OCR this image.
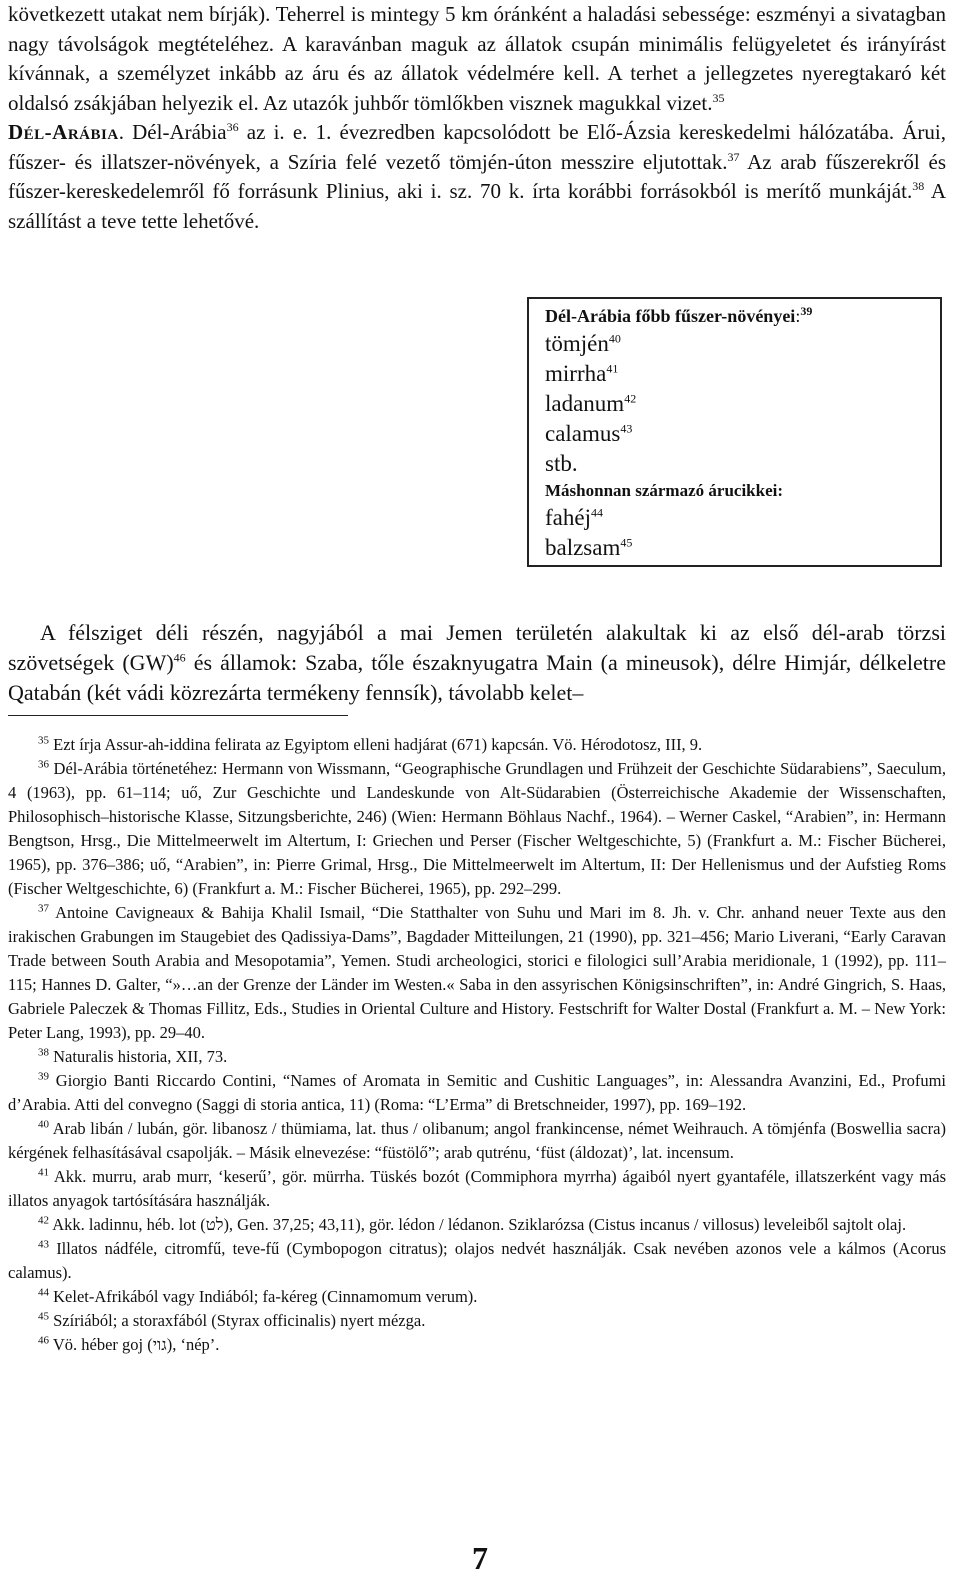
következett utakat nem bírják). Teherrel is mintegy 5 km óránként a haladási sebessége: eszményi a sivatagban nagy távolságok megtételéhez. A karavánban maguk az állatok csupán minimális felügyeletet és irányírást kívánnak, a személyzet inkább az áru és az állatok védelmére kell. A terhet a jellegzetes nyeregtakaró két oldalsó zsákjában helyezik el. Az utazók juhbőr tömlőkben visznek magukkal vizet.$^{35}$

Dél-Arábia. Dél-Arábia$^{36}$ az i. e. 1. évezredben kapcsolódott be Elő-Ázsia kereskedelmi hálózatába. Árui, fűszer- és illatszer-növények, a Szíria felé vezető tömjén-úton messzire eljutottak.$^{37}$ Az arab fűszerekről és fűszer-kereskedelemről fő forrásunk Plinius, aki i. sz. 70 k. írta korábbi forrásokból is merítő munkáját.$^{38}$ A szállítást a teve tette lehetővé.

Dél-Arábia főbb fűszer-növényei:$^{39}$
tömjén$^{40}$
mirrha$^{41}$
ladanum$^{42}$
calamus$^{43}$
stb.
Máshonnan származó árucikkei:
fahéj$^{44}$
balzsam$^{45}$

A félsziget déli részén, nagyjából a mai Jemen területén alakultak ki az első dél-arab törzsi szövetségek (GW)$^{46}$ és államok: Szaba, tőle északnyugatra Main (a mineusok), délre Himjár, délkeletre Qatabán (két vádi közrezárta termékeny fennsík), távolabb kelet–

$^{35}$ Ezt írja Assur-ah-iddina felirata az Egyiptom elleni hadjárat (671) kapcsán. Vö. Hérodotosz, III, 9.

$^{36}$ Dél-Arábia történetéhez: Hermann von Wissmann, “Geographische Grundlagen und Frühzeit der Geschichte Südarabiens”, Saeculum, 4 (1963), pp. 61–114; uő, Zur Geschichte und Landeskunde von Alt-Südarabien (Österreichische Akademie der Wissenschaften, Philosophisch–historische Klasse, Sitzungsberichte, 246) (Wien: Hermann Böhlaus Nachf., 1964). – Werner Caskel, “Arabien”, in: Hermann Bengtson, Hrsg., Die Mittelmeerwelt im Altertum, I: Griechen und Perser (Fischer Weltgeschichte, 5) (Frankfurt a. M.: Fischer Bücherei, 1965), pp. 376–386; uő, “Arabien”, in: Pierre Grimal, Hrsg., Die Mittelmeerwelt im Altertum, II: Der Hellenismus und der Aufstieg Roms (Fischer Weltgeschichte, 6) (Frankfurt a. M.: Fischer Bücherei, 1965), pp. 292–299.

$^{37}$ Antoine Cavigneaux & Bahija Khalil Ismail, “Die Statthalter von Suhu und Mari im 8. Jh. v. Chr. anhand neuer Texte aus den irakischen Grabungen im Staugebiet des Qadissiya-Dams”, Bagdader Mitteilungen, 21 (1990), pp. 321–456; Mario Liverani, “Early Caravan Trade between South Arabia and Mesopotamia”, Yemen. Studi archeologici, storici e filologici sull’Arabia meridionale, 1 (1992), pp. 111–115; Hannes D. Galter, “»…an der Grenze der Länder im Westen.« Saba in den assyrischen Königsinschriften”, in: André Gingrich, S. Haas, Gabriele Paleczek & Thomas Fillitz, Eds., Studies in Oriental Culture and History. Festschrift for Walter Dostal (Frankfurt a. M. – New York: Peter Lang, 1993), pp. 29–40.

$^{38}$ Naturalis historia, XII, 73.

$^{39}$ Giorgio Banti Riccardo Contini, “Names of Aromata in Semitic and Cushitic Languages”, in: Alessandra Avanzini, Ed., Profumi d’Arabia. Atti del convegno (Saggi di storia antica, 11) (Roma: “L’Erma” di Bretschneider, 1997), pp. 169–192.

$^{40}$ Arab libán / lubán, gör. libanosz / thümiama, lat. thus / olibanum; angol frankincense, német Weihrauch. A tömjénfa (Boswellia sacra) kérgének felhasításával csapolják. – Másik elnevezése: “füstölő”; arab qutrénu, ‘füst (áldozat)’, lat. incensum.

$^{41}$ Akk. murru, arab murr, ‘keserű’, gör. mürrha. Tüskés bozót (Commiphora myrrha) ágaiból nyert gyantaféle, illatszerként vagy más illatos anyagok tartósítására használják.

$^{42}$ Akk. ladinnu, héb. lot (לט), Gen. 37,25; 43,11), gör. lédon / lédanon. Sziklarózsa (Cistus incanus / villosus) leveleiből sajtolt olaj.

$^{43}$ Illatos nádféle, citromfű, teve-fű (Cymbopogon citratus); olajos nedvét használják. Csak nevében azonos vele a kálmos (Acorus calamus).

$^{44}$ Kelet-Afrikából vagy Indiából; fa-kéreg (Cinnamomum verum).

$^{45}$ Szíriából; a storaxfából (Styrax officinalis) nyert mézga.

$^{46}$ Vö. héber goj (גוי), ‘nép’.

7
